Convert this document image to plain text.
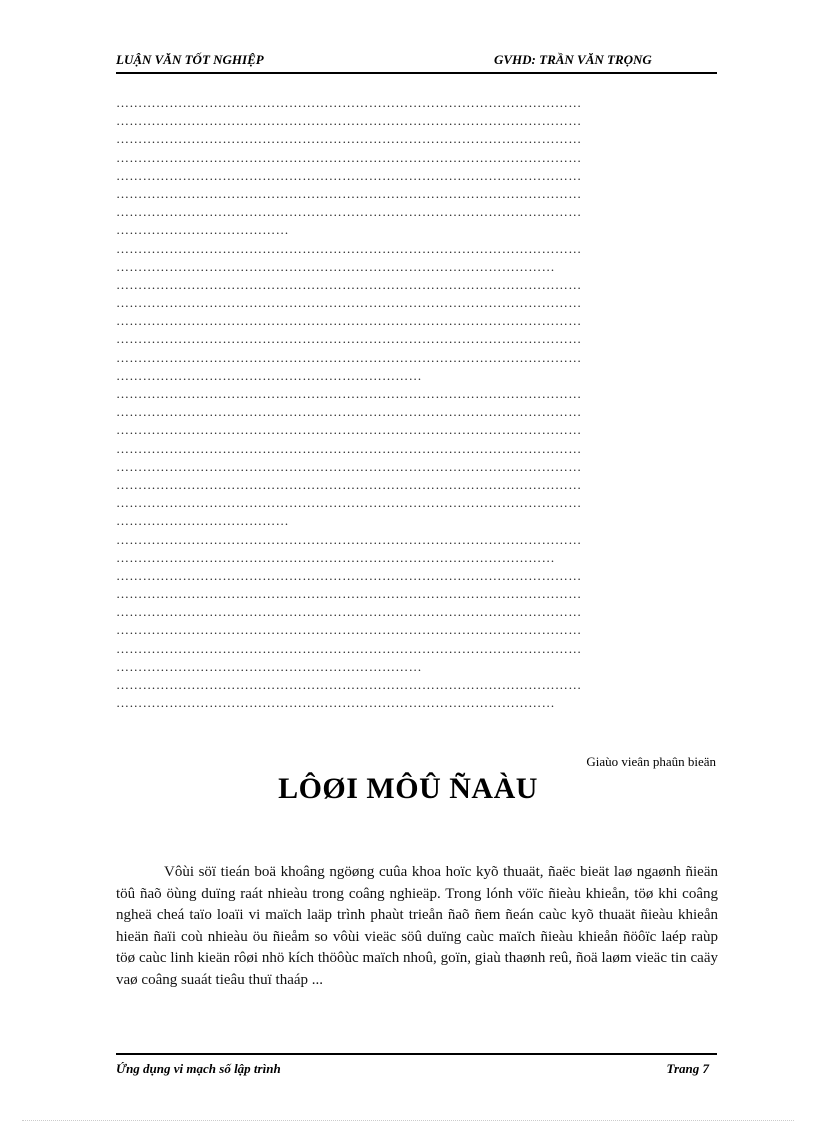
LUẬN VĂN TỐT NGHIỆP	GVHD: TRẦN VĂN TRỌNG
……………………………………………………………………………………………
……………………………………………………………………………………………
……………………………………………………………………………………………
……………………………………………………………………………………………
……………………………………………………………………………………………
……………………………………………………………………………………………
……………………………………………………………………………………………
…………………………………
……………………………………………………………………………………………
………………………………………………………………………………………
……………………………………………………………………………………………
……………………………………………………………………………………………
……………………………………………………………………………………………
……………………………………………………………………………………………
……………………………………………………………………………………………
……………………………………………………………
……………………………………………………………………………………………
……………………………………………………………………………………………
……………………………………………………………………………………………
……………………………………………………………………………………………
……………………………………………………………………………………………
……………………………………………………………………………………………
……………………………………………………………………………………………
…………………………………
……………………………………………………………………………………………
………………………………………………………………………………………
……………………………………………………………………………………………
……………………………………………………………………………………………
……………………………………………………………………………………………
……………………………………………………………………………………………
……………………………………………………………………………………………
……………………………………………………………
……………………………………………………………………………………………
………………………………………………………………………………………
Giaùo vieân phaûn bieän
LÔØI MÔÛ ÑAÀU
Vôùi söï tieán boä khoâng ngöøng cuûa khoa hoïc kyõ thuaät, ñaëc bieät laø ngaønh ñieän töû ñaõ öùng duïng raát nhieàu trong coâng nghieäp. Trong lónh vöïc ñieàu khieån, töø khi coâng ngheä cheá taïo loaïi vi maïch laäp trình phaùt trieån ñaõ ñem ñeán caùc kyõ thuaät ñieàu khieån hieän ñaïi coù nhieàu öu ñieåm so vôùi vieäc söû duïng caùc maïch ñieàu khieån ñöôïc laép raùp töø caùc linh kieän rôøi nhö kích thöôùc maïch nhoû, goïn, giaù thaønh reû, ñoä laøm vieäc tin caäy vaø coâng suaát tieâu thuï thaáp ...
Ứng dụng vi mạch số lập trình	Trang 7
